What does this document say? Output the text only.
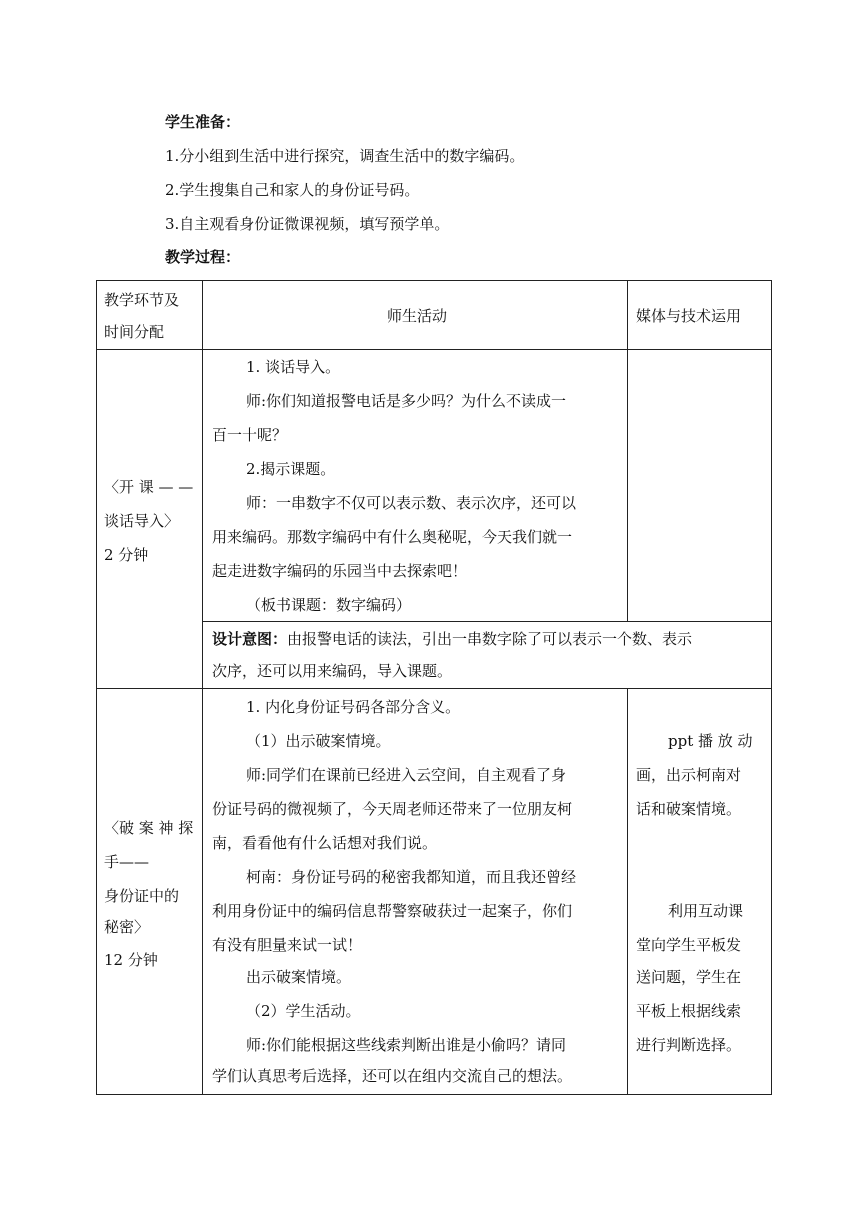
学生准备：
1.分小组到生活中进行探究，调查生活中的数字编码。
2.学生搜集自己和家人的身份证号码。
3.自主观看身份证微课视频，填写预学单。
教学过程：
教学环节及
时间分配
师生活动	媒体与技术运用
〈开 课 — —
谈话导入〉
2 分钟
1. 谈话导入。
师:你们知道报警电话是多少吗？为什么不读成一
百一十呢？
2.揭示课题。
师：一串数字不仅可以表示数、表示次序，还可以
用来编码。那数字编码中有什么奥秘呢，今天我们就一
起走进数字编码的乐园当中去探索吧！
（板书课题：数字编码）
设计意图：由报警电话的读法，引出一串数字除了可以表示一个数、表示
次序，还可以用来编码，导入课题。
〈破 案 神 探
手——
身份证中的
秘密〉
12 分钟
1. 内化身份证号码各部分含义。
（1）出示破案情境。
师:同学们在课前已经进入云空间，自主观看了身
份证号码的微视频了，今天周老师还带来了一位朋友柯
南，看看他有什么话想对我们说。
柯南：身份证号码的秘密我都知道，而且我还曾经
利用身份证中的编码信息帮警察破获过一起案子，你们
有没有胆量来试一试！
出示破案情境。
（2）学生活动。
师:你们能根据这些线索判断出谁是小偷吗？请同
学们认真思考后选择，还可以在组内交流自己的想法。
ppt 播 放 动
画，出示柯南对
话和破案情境。
利用互动课
堂向学生平板发
送问题，学生在
平板上根据线索
进行判断选择。
